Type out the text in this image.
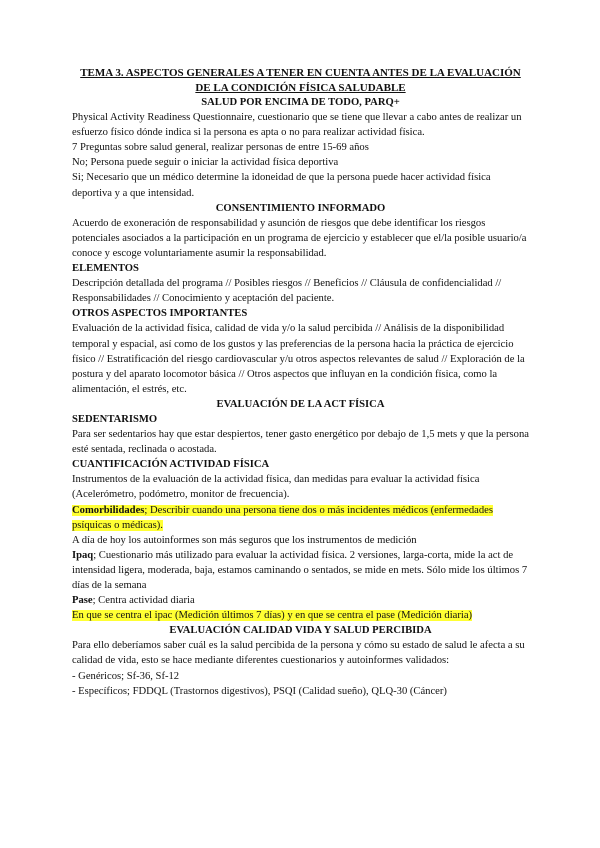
TEMA 3. ASPECTOS GENERALES A TENER EN CUENTA ANTES DE LA EVALUACIÓN DE LA CONDICIÓN FÍSICA SALUDABLE

SALUD POR ENCIMA DE TODO, PARQ+

Physical Activity Readiness Questionnaire, cuestionario que se tiene que llevar a cabo antes de realizar un esfuerzo físico dónde indica si la persona es apta o no para realizar actividad física.

7 Preguntas sobre salud general, realizar personas de entre 15-69 años

No; Persona puede seguir o iniciar la actividad física deportiva

Si; Necesario que un médico determine la idoneidad de que la persona puede hacer actividad física deportiva y a que intensidad.

CONSENTIMIENTO INFORMADO

Acuerdo de exoneración de responsabilidad y asunción de riesgos que debe identificar los riesgos potenciales asociados a la participación en un programa de ejercicio y establecer que el/la posible usuario/a conoce y escoge voluntariamente asumir la responsabilidad.

ELEMENTOS

Descripción detallada del programa // Posibles riesgos // Beneficios // Cláusula de confidencialidad // Responsabilidades // Conocimiento y aceptación del paciente.

OTROS ASPECTOS IMPORTANTES

Evaluación de la actividad física, calidad de vida y/o la salud percibida // Análisis de la disponibilidad temporal y espacial, así como de los gustos y las preferencias de la persona hacia la práctica de ejercicio físico // Estratificación del riesgo cardiovascular y/u otros aspectos relevantes de salud // Exploración de la postura y del aparato locomotor básica // Otros aspectos que influyan en la condición física, como la alimentación, el estrés, etc.

EVALUACIÓN DE LA ACT FÍSICA

SEDENTARISMO

Para ser sedentarios hay que estar despiertos, tener gasto energético por debajo de 1,5 mets y que la persona esté sentada, reclinada o acostada.

CUANTIFICACIÓN ACTIVIDAD FÍSICA

Instrumentos de la evaluación de la actividad física, dan medidas para evaluar la actividad física (Acelerómetro, podómetro, monitor de frecuencia).

Comorbilidades; Describir cuando una persona tiene dos o más incidentes médicos (enfermedades psíquicas o médicas).

A día de hoy los autoinformes son más seguros que los instrumentos de medición

Ipaq; Cuestionario más utilizado para evaluar la actividad física. 2 versiones, larga-corta, mide la act de intensidad ligera, moderada, baja, estamos caminando o sentados, se mide en mets. Sólo mide los últimos 7 días de la semana

Pase; Centra actividad diaria

En que se centra el ipac (Medición últimos 7 días) y en que se centra el pase (Medición diaria)

EVALUACIÓN CALIDAD VIDA Y SALUD PERCIBIDA

Para ello deberíamos saber cuál es la salud percibida de la persona y cómo su estado de salud le afecta a su calidad de vida, esto se hace mediante diferentes cuestionarios y autoinformes validados:

- Genéricos; Sf-36, Sf-12

- Específicos; FDDQL (Trastornos digestivos), PSQI (Calidad sueño), QLQ-30 (Cáncer)
